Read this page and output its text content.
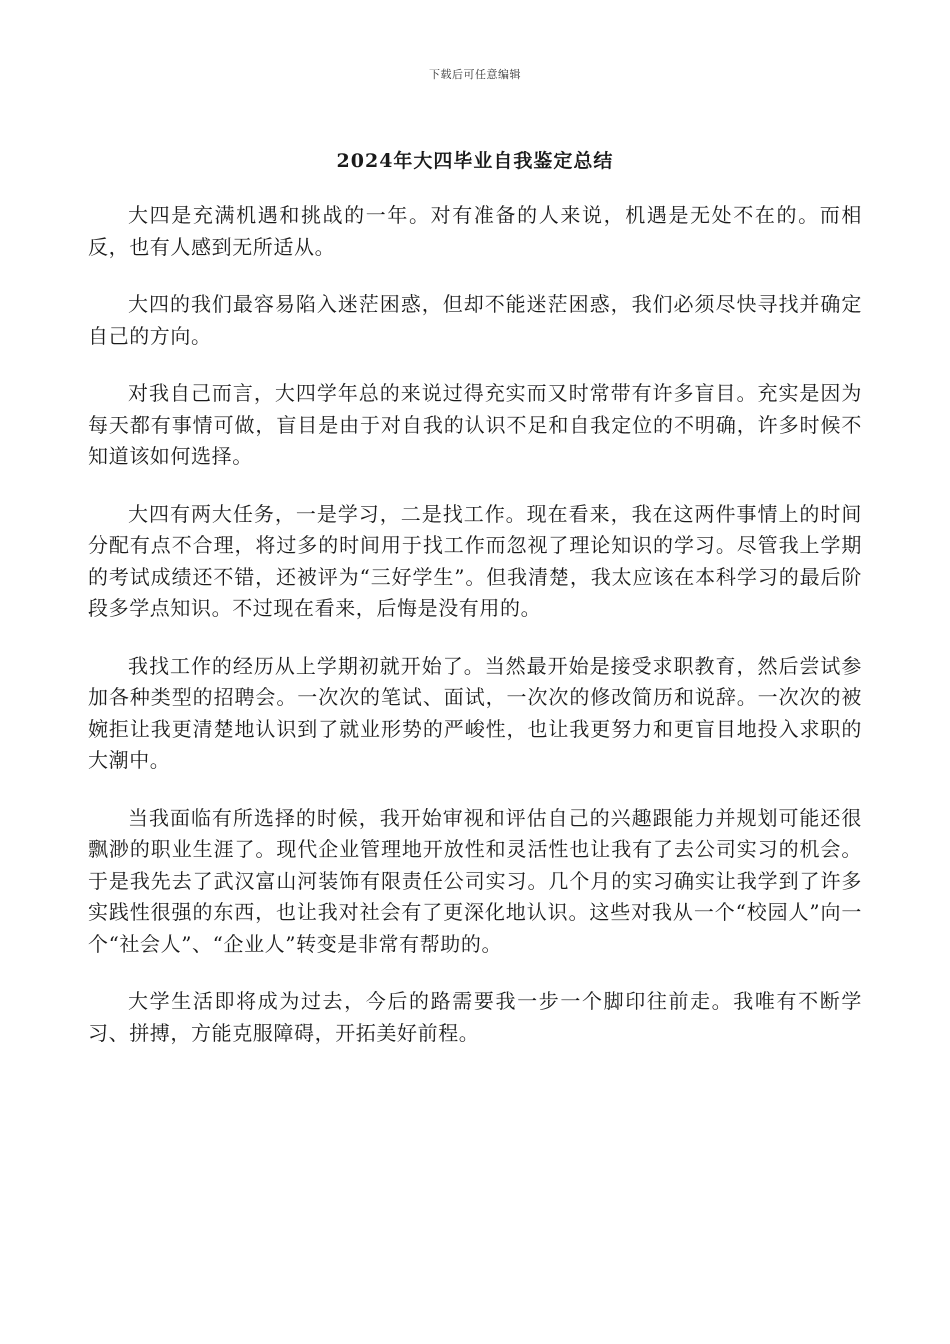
下载后可任意编辑
2024年大四毕业自我鉴定总结

大四是充满机遇和挑战的一年。对有准备的人来说，机遇是无处不在的。而相反，也有人感到无所适从。

大四的我们最容易陷入迷茫困惑，但却不能迷茫困惑，我们必须尽快寻找并确定自己的方向。

对我自己而言，大四学年总的来说过得充实而又时常带有许多盲目。充实是因为每天都有事情可做，盲目是由于对自我的认识不足和自我定位的不明确，许多时候不知道该如何选择。

大四有两大任务，一是学习，二是找工作。现在看来，我在这两件事情上的时间分配有点不合理，将过多的时间用于找工作而忽视了理论知识的学习。尽管我上学期的考试成绩还不错，还被评为“三好学生”。但我清楚，我太应该在本科学习的最后阶段多学点知识。不过现在看来，后悔是没有用的。

我找工作的经历从上学期初就开始了。当然最开始是接受求职教育，然后尝试参加各种类型的招聘会。一次次的笔试、面试，一次次的修改简历和说辞。一次次的被婉拒让我更清楚地认识到了就业形势的严峻性，也让我更努力和更盲目地投入求职的大潮中。

当我面临有所选择的时候，我开始审视和评估自己的兴趣跟能力并规划可能还很飘渺的职业生涯了。现代企业管理地开放性和灵活性也让我有了去公司实习的机会。于是我先去了武汉富山河装饰有限责任公司实习。几个月的实习确实让我学到了许多实践性很强的东西，也让我对社会有了更深化地认识。这些对我从一个“校园人”向一个“社会人”、“企业人”转变是非常有帮助的。

大学生活即将成为过去，今后的路需要我一步一个脚印往前走。我唯有不断学习、拼搏，方能克服障碍，开拓美好前程。
